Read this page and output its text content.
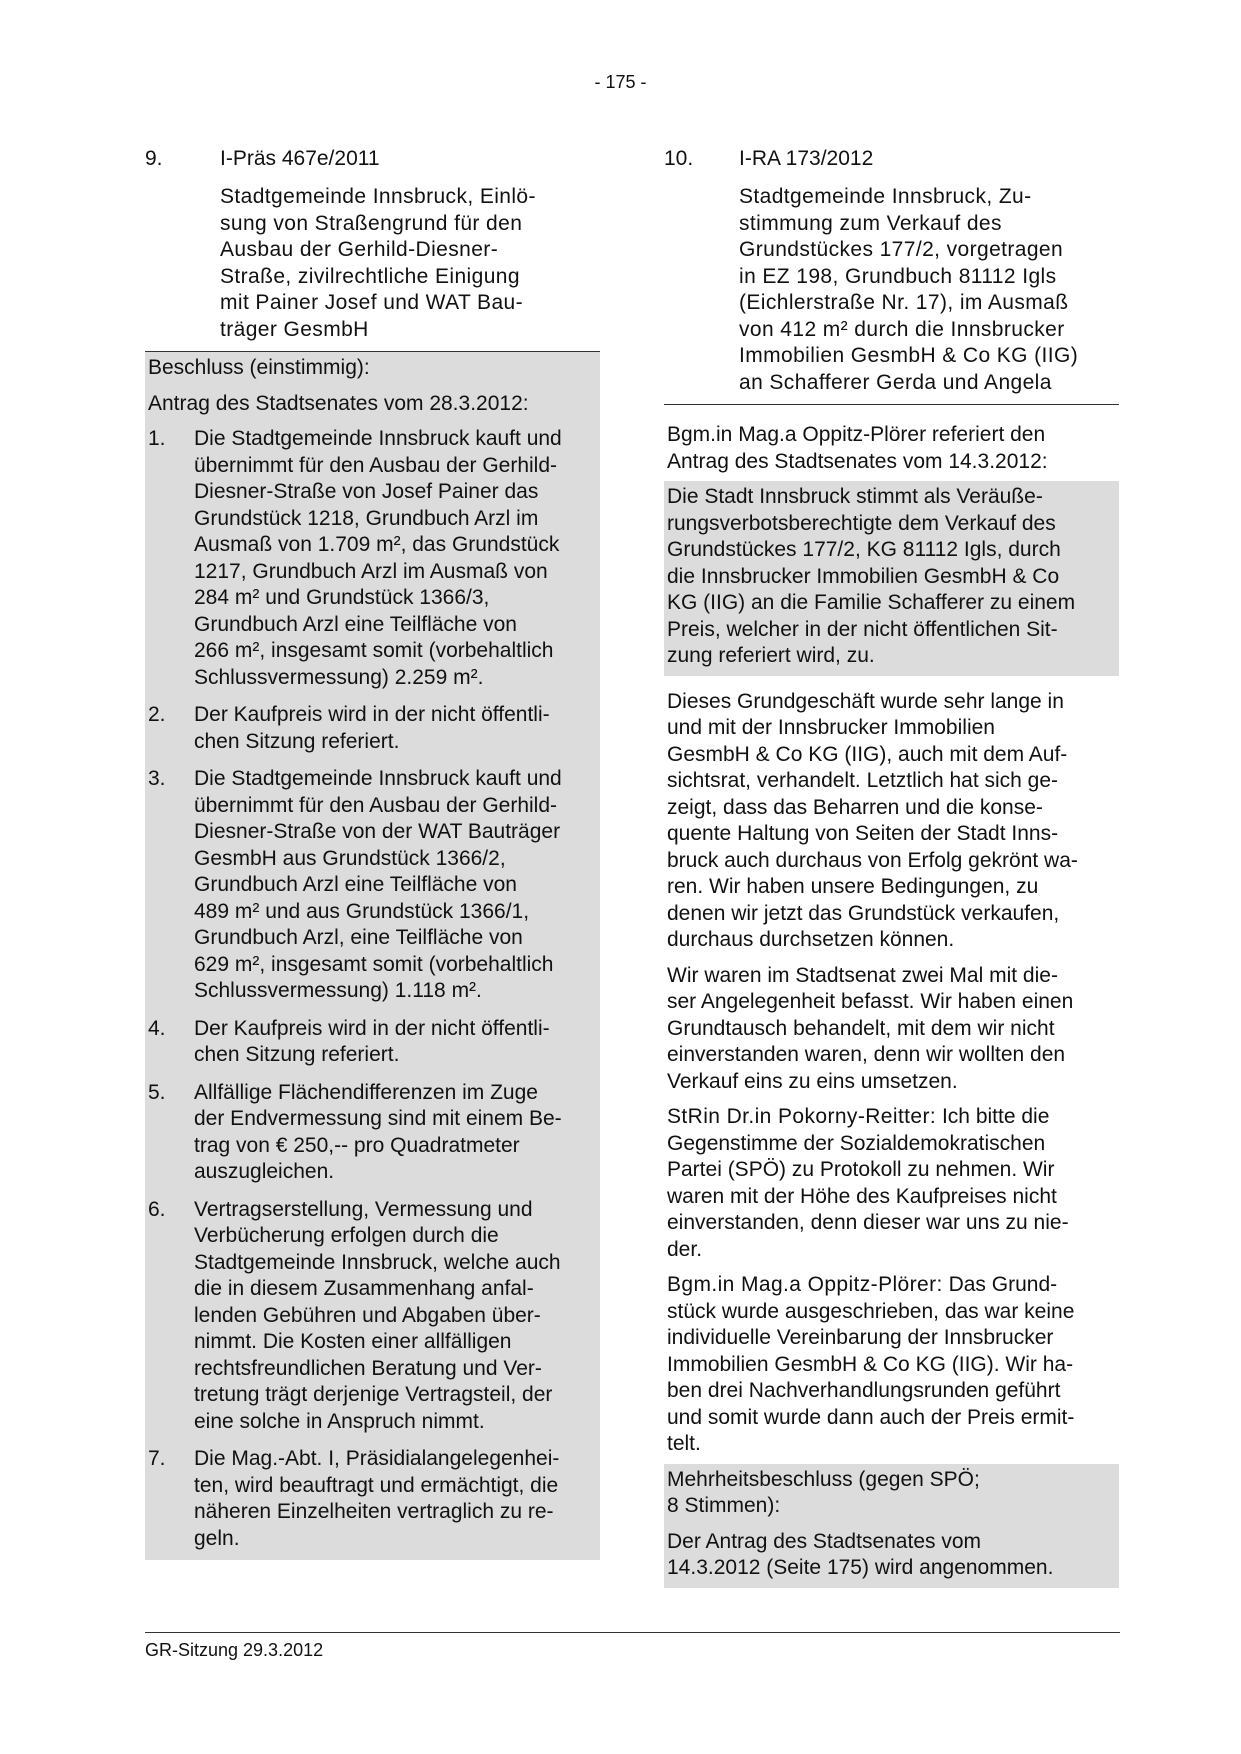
- 175 -
9.	I-Präs 467e/2011
Stadtgemeinde Innsbruck, Einlö-
sung von Straßengrund für den
Ausbau der Gerhild-Diesner-
Straße, zivilrechtliche Einigung
mit Painer Josef und WAT Bau-
träger GesmbH
Beschluss (einstimmig):
Antrag des Stadtsenates vom 28.3.2012:
1.	Die Stadtgemeinde Innsbruck kauft und
übernimmt für den Ausbau der Gerhild-
Diesner-Straße von Josef Painer das
Grundstück 1218, Grundbuch Arzl im
Ausmaß von 1.709 m², das Grundstück
1217, Grundbuch Arzl im Ausmaß von
284 m² und Grundstück 1366/3,
Grundbuch Arzl eine Teilfläche von
266 m², insgesamt somit (vorbehaltlich
Schlussvermessung) 2.259 m².
2.	Der Kaufpreis wird in der nicht öffentli-
chen Sitzung referiert.
3.	Die Stadtgemeinde Innsbruck kauft und
übernimmt für den Ausbau der Gerhild-
Diesner-Straße von der WAT Bauträger
GesmbH aus Grundstück 1366/2,
Grundbuch Arzl eine Teilfläche von
489 m² und aus Grundstück 1366/1,
Grundbuch Arzl, eine Teilfläche von
629 m², insgesamt somit (vorbehaltlich
Schlussvermessung) 1.118 m².
4.	Der Kaufpreis wird in der nicht öffentli-
chen Sitzung referiert.
5.	Allfällige Flächendifferenzen im Zuge
der Endvermessung sind mit einem Be-
trag von € 250,-- pro Quadratmeter
auszugleichen.
6.	Vertragserstellung, Vermessung und
Verbücherung erfolgen durch die
Stadtgemeinde Innsbruck, welche auch
die in diesem Zusammenhang anfal-
lenden Gebühren und Abgaben über-
nimmt. Die Kosten einer allfälligen
rechtsfreundlichen Beratung und Ver-
tretung trägt derjenige Vertragsteil, der
eine solche in Anspruch nimmt.
7.	Die Mag.-Abt. I, Präsidialangelegenhei-
ten, wird beauftragt und ermächtigt, die
näheren Einzelheiten vertraglich zu re-
geln.
10.	I-RA 173/2012
Stadtgemeinde Innsbruck, Zu-
stimmung zum Verkauf des
Grundstückes 177/2, vorgetragen
in EZ 198, Grundbuch 81112 Igls
(Eichlerstraße Nr. 17), im Ausmaß
von 412 m² durch die Innsbrucker
Immobilien GesmbH & Co KG (IIG)
an Schafferer Gerda und Angela
Bgm.in Mag.a Oppitz-Plörer referiert den
Antrag des Stadtsenates vom 14.3.2012:
Die Stadt Innsbruck stimmt als Veräuße-
rungsverbotsberechtigte dem Verkauf des
Grundstückes 177/2, KG 81112 Igls, durch
die Innsbrucker Immobilien GesmbH & Co
KG (IIG) an die Familie Schafferer zu einem
Preis, welcher in der nicht öffentlichen Sit-
zung referiert wird, zu.
Dieses Grundgeschäft wurde sehr lange in
und mit der Innsbrucker Immobilien
GesmbH & Co KG (IIG), auch mit dem Auf-
sichtsrat, verhandelt. Letztlich hat sich ge-
zeigt, dass das Beharren und die konse-
quente Haltung von Seiten der Stadt Inns-
bruck auch durchaus von Erfolg gekrönt wa-
ren. Wir haben unsere Bedingungen, zu
denen wir jetzt das Grundstück verkaufen,
durchaus durchsetzen können.
Wir waren im Stadtsenat zwei Mal mit die-
ser Angelegenheit befasst. Wir haben einen
Grundtausch behandelt, mit dem wir nicht
einverstanden waren, denn wir wollten den
Verkauf eins zu eins umsetzen.
StRin Dr.in Pokorny-Reitter: Ich bitte die
Gegenstimme der Sozialdemokratischen
Partei (SPÖ) zu Protokoll zu nehmen. Wir
waren mit der Höhe des Kaufpreises nicht
einverstanden, denn dieser war uns zu nie-
der.
Bgm.in Mag.a Oppitz-Plörer: Das Grund-
stück wurde ausgeschrieben, das war keine
individuelle Vereinbarung der Innsbrucker
Immobilien GesmbH & Co KG (IIG). Wir ha-
ben drei Nachverhandlungsrunden geführt
und somit wurde dann auch der Preis ermit-
telt.
Mehrheitsbeschluss (gegen SPÖ;
8 Stimmen):
Der Antrag des Stadtsenates vom
14.3.2012 (Seite 175) wird angenommen.
GR-Sitzung 29.3.2012
